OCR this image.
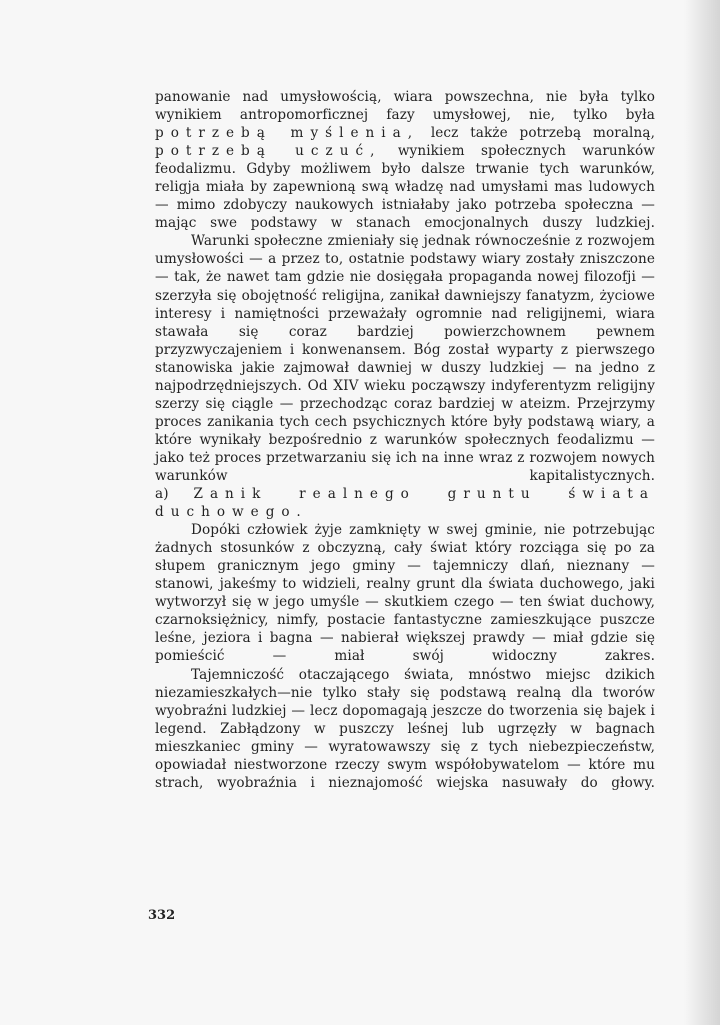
panowanie nad umysłowością, wiara powszechna, nie była tylko wynikiem antropomorficznej fazy umysłowej, nie, tylko była potrzebą myślenia, lecz także potrzebą moralną, potrzebą uczuć, wynikiem społecznych warunków feodalizmu. Gdyby możliwem było dalsze trwanie tych warunków, religja miała by zapewnioną swą władzę nad umysłami mas ludowych — mimo zdobyczy naukowych istniałaby jako potrzeba społeczna — mając swe podstawy w stanach emocjonalnych duszy ludzkiej.

Warunki społeczne zmieniały się jednak równocześnie z rozwojem umysłowości — a przez to, ostatnie podstawy wiary zostały zniszczone — tak, że nawet tam gdzie nie dosięgała propaganda nowej filozofji — szerzyła się obojętność religijna, zanikał dawniejszy fanatyzm, życiowe interesy i namiętności przeważały ogromnie nad religijnemi, wiara stawała się coraz bardziej powierzchownem pewnem przyzwyczajeniem i konwenansem. Bóg został wyparty z pierwszego stanowiska jakie zajmował dawniej w duszy ludzkiej — na jedno z najpodrzędniejszych. Od XIV wieku począwszy indyferentyzm religijny szerzy się ciągle — przechodząc coraz bardziej w ateizm. Przejrzymy proces zanikania tych cech psychicznych które były podstawą wiary, a które wynikały bezpośrednio z warunków społecznych feodalizmu — jako też proces przetwarzaniu się ich na inne wraz z rozwojem nowych warunków kapitalistycznych.

a) Zanik realnego gruntu świata duchowego.

Dopóki człowiek żyje zamknięty w swej gminie, nie potrzebując żadnych stosunków z obczyzną, cały świat który rozciąga się po za słupem granicznym jego gminy — tajemniczy dlań, nieznany — stanowi, jakeśmy to widzieli, realny grunt dla świata duchowego, jaki wytworzył się w jego umyśle — skutkiem czego — ten świat duchowy, czarnoksiężnicy, nimfy, postacie fantastyczne zamieszkujące puszcze leśne, jeziora i bagna — nabierał większej prawdy — miał gdzie się pomieścić — miał swój widoczny zakres.

Tajemniczość otaczającego świata, mnóstwo miejsc dzikich niezamieszkałych—nie tylko stały się podstawą realną dla tworów wyobraźni ludzkiej — lecz dopomagają jeszcze do tworzenia się bajek i legend. Zabłądzony w puszczy leśnej lub ugrzęzły w bagnach mieszkaniec gminy — wyratowawszy się z tych niebezpieczeństw, opowiadał niestworzone rzeczy swym współobywatelom — które mu strach, wyobraźnia i nieznajomość wiejska nasuwały do głowy.

332
